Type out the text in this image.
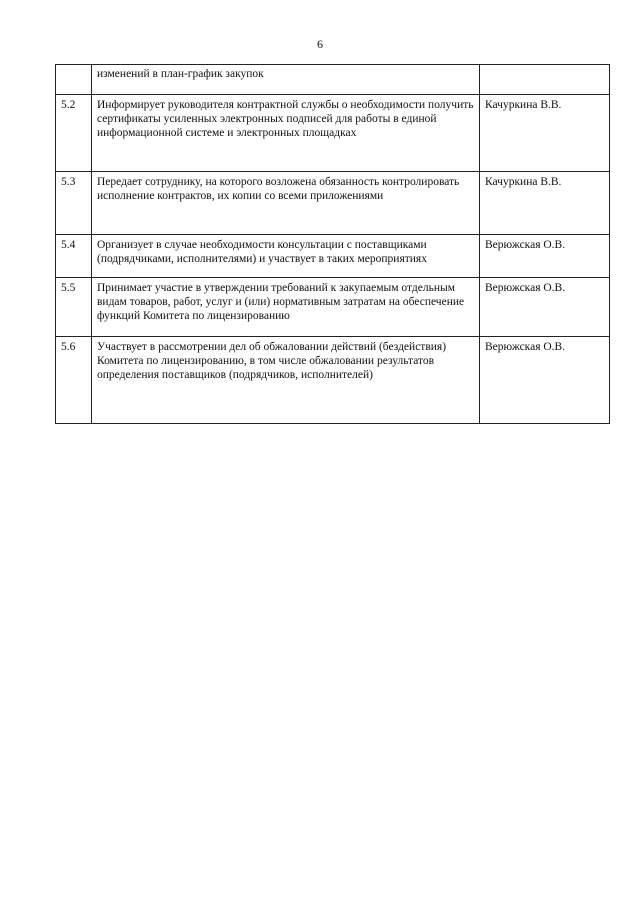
6
	изменений в план-график закупок	
5.2	Информирует руководителя контрактной службы о необходимости получить сертификаты усиленных электронных подписей для работы в единой информационной системе и электронных площадках	Качуркина В.В.
5.3	Передает сотруднику, на которого возложена обязанность контролировать исполнение контрактов, их копии со всеми приложениями	Качуркина В.В.
5.4	Организует в случае необходимости консультации с поставщиками (подрядчиками, исполнителями) и участвует в таких мероприятиях	Верюжская О.В.
5.5	Принимает участие в утверждении требований к закупаемым отдельным видам товаров, работ, услуг и (или) нормативным затратам на обеспечение функций Комитета по лицензированию	Верюжская О.В.
5.6	Участвует в рассмотрении дел об обжаловании действий (бездействия) Комитета по лицензированию, в том числе обжаловании результатов определения поставщиков (подрядчиков, исполнителей)	Верюжская О.В.
